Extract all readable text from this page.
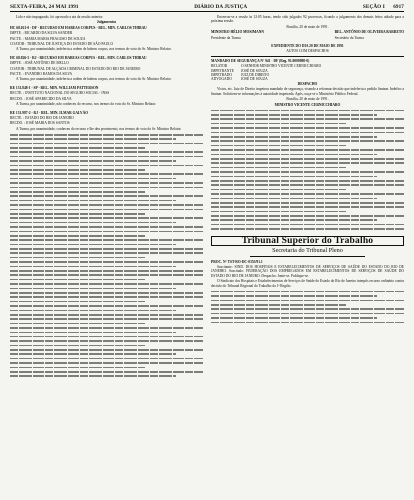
SEXTA-FEIRA, 24 MAI 1991	DIÁRIO DA JUSTIÇA	SEÇÃO I 6917

Lido e não impugnado, foi aprovado a ata da sessão anterior.

Julgamentos

HC 68.021-0 - DF - RECURSO EM HABEAS CORPUS - REL. MIN. CARLOS THIBAU

IMPTE. : RICARDO DA SILVA SANDER

PACTE. : MARIA MARIA FRAGOSO DE SOUZA

COATOR : TRIBUNAL DE JUSTIÇA DO ESTADO DE SÃO PAULO

A Turma, por unanimidade, indeferiu a ordem de habeas corpus, nos termos do voto do Sr. Ministro Relator.

HC 68.826-5 - RJ - RECURSO EM HABEAS CORPUS - REL. MIN. CARLOS THIBAU

IMPTE. : JOSÉ ANTÔNIO DE MELLO

COATOR : TRIBUNAL DE ALÇADA CRIMINAL DO ESTADO DO RIO DE JANEIRO

PACTE. : EVANDRO RAMOS DA SILVA

A Turma, por unanimidade, indeferiu a ordem de habeas corpus, nos termos do voto do Sr. Ministro Relator.

RE 131.848-1 - SP - REL. MIN. WILLIAM PATTERSON

RECTE. : INSTITUTO NACIONAL DO SEGURO SOCIAL - INSS

RECDO. : JOSÉ APARECIDO DA SILVA

A Turma, por unanimidade, não conheceu do recurso, nos termos do voto do Sr. Ministro Relator.

RE 131.987-2 - RJ - REL. MIN. ILMAR GALVÃO

RECTE. : ESTADO DO RIO DE JANEIRO

RECDO. : JOSÉ MARIA DOS SANTOS

A Turma, por unanimidade, conheceu do recurso e lhe deu provimento, nos termos do voto do Sr. Ministro Relator.

Encerrou-se a sessão às 12:05 horas, tendo sido julgados 92 processos, ficando o julgamento dos demais feitos adiado para a próxima sessão.

Brasília, 20 de maio de 1991.

MINISTRO HÉLIO MOSIMANN

Presidente da Turma

BEL. ANTÔNIO DE OLIVEIRA BARRETO

Secretário da Turma

EXPEDIENTE DO DIA 20 DE MAIO DE 1991

AUTOS COM DESPACHOS

MANDADO DE SEGURANÇA Nº 941 - DF (Reg. 91.0000988-0)

RELATOR	O SENHOR MINISTRO VICENTE CERNICCHIARO
IMPETRANTE	JOSÉ DE SOUZA
IMPETRADO	JUIZ DE DIREITO
ADVOGADO	JOSÉ DE SOUZA

DESPACHO

Vistos, etc. Juiz de Direito impetrou mandado de segurança, visando a reformar decisão que indeferiu o pedido liminar. Indefiro a liminar. Solicitem-se informações à autoridade impetrada. Após, ouça-se o Ministério Público Federal.

Brasília, 20 de maio de 1991.

MINISTRO VICENTE CERNICCHIARO

Tribunal Superior do Trabalho
Secretaria do Tribunal Pleno

PROC. Nº TST-RO-DC-0355/91.1

Suscitante: SIND. DOS HOSPITAIS E ESTABELECIMENTOS DE SERVIÇOS DE SAÚDE DO ESTADO DO RIO DE JANEIRO. Suscitado: FEDERAÇÃO DOS EMPREGADOS EM ESTABELECIMENTOS DE SERVIÇOS DE SAÚDE DO ESTADO DO RIO DE JANEIRO. Despacho: Junte-se. Publique-se.

O Sindicato dos Hospitais e Estabelecimentos de Serviços de Saúde do Estado do Rio de Janeiro interpôs recurso ordinário contra decisão do Tribunal Regional do Trabalho da 1ª Região.
